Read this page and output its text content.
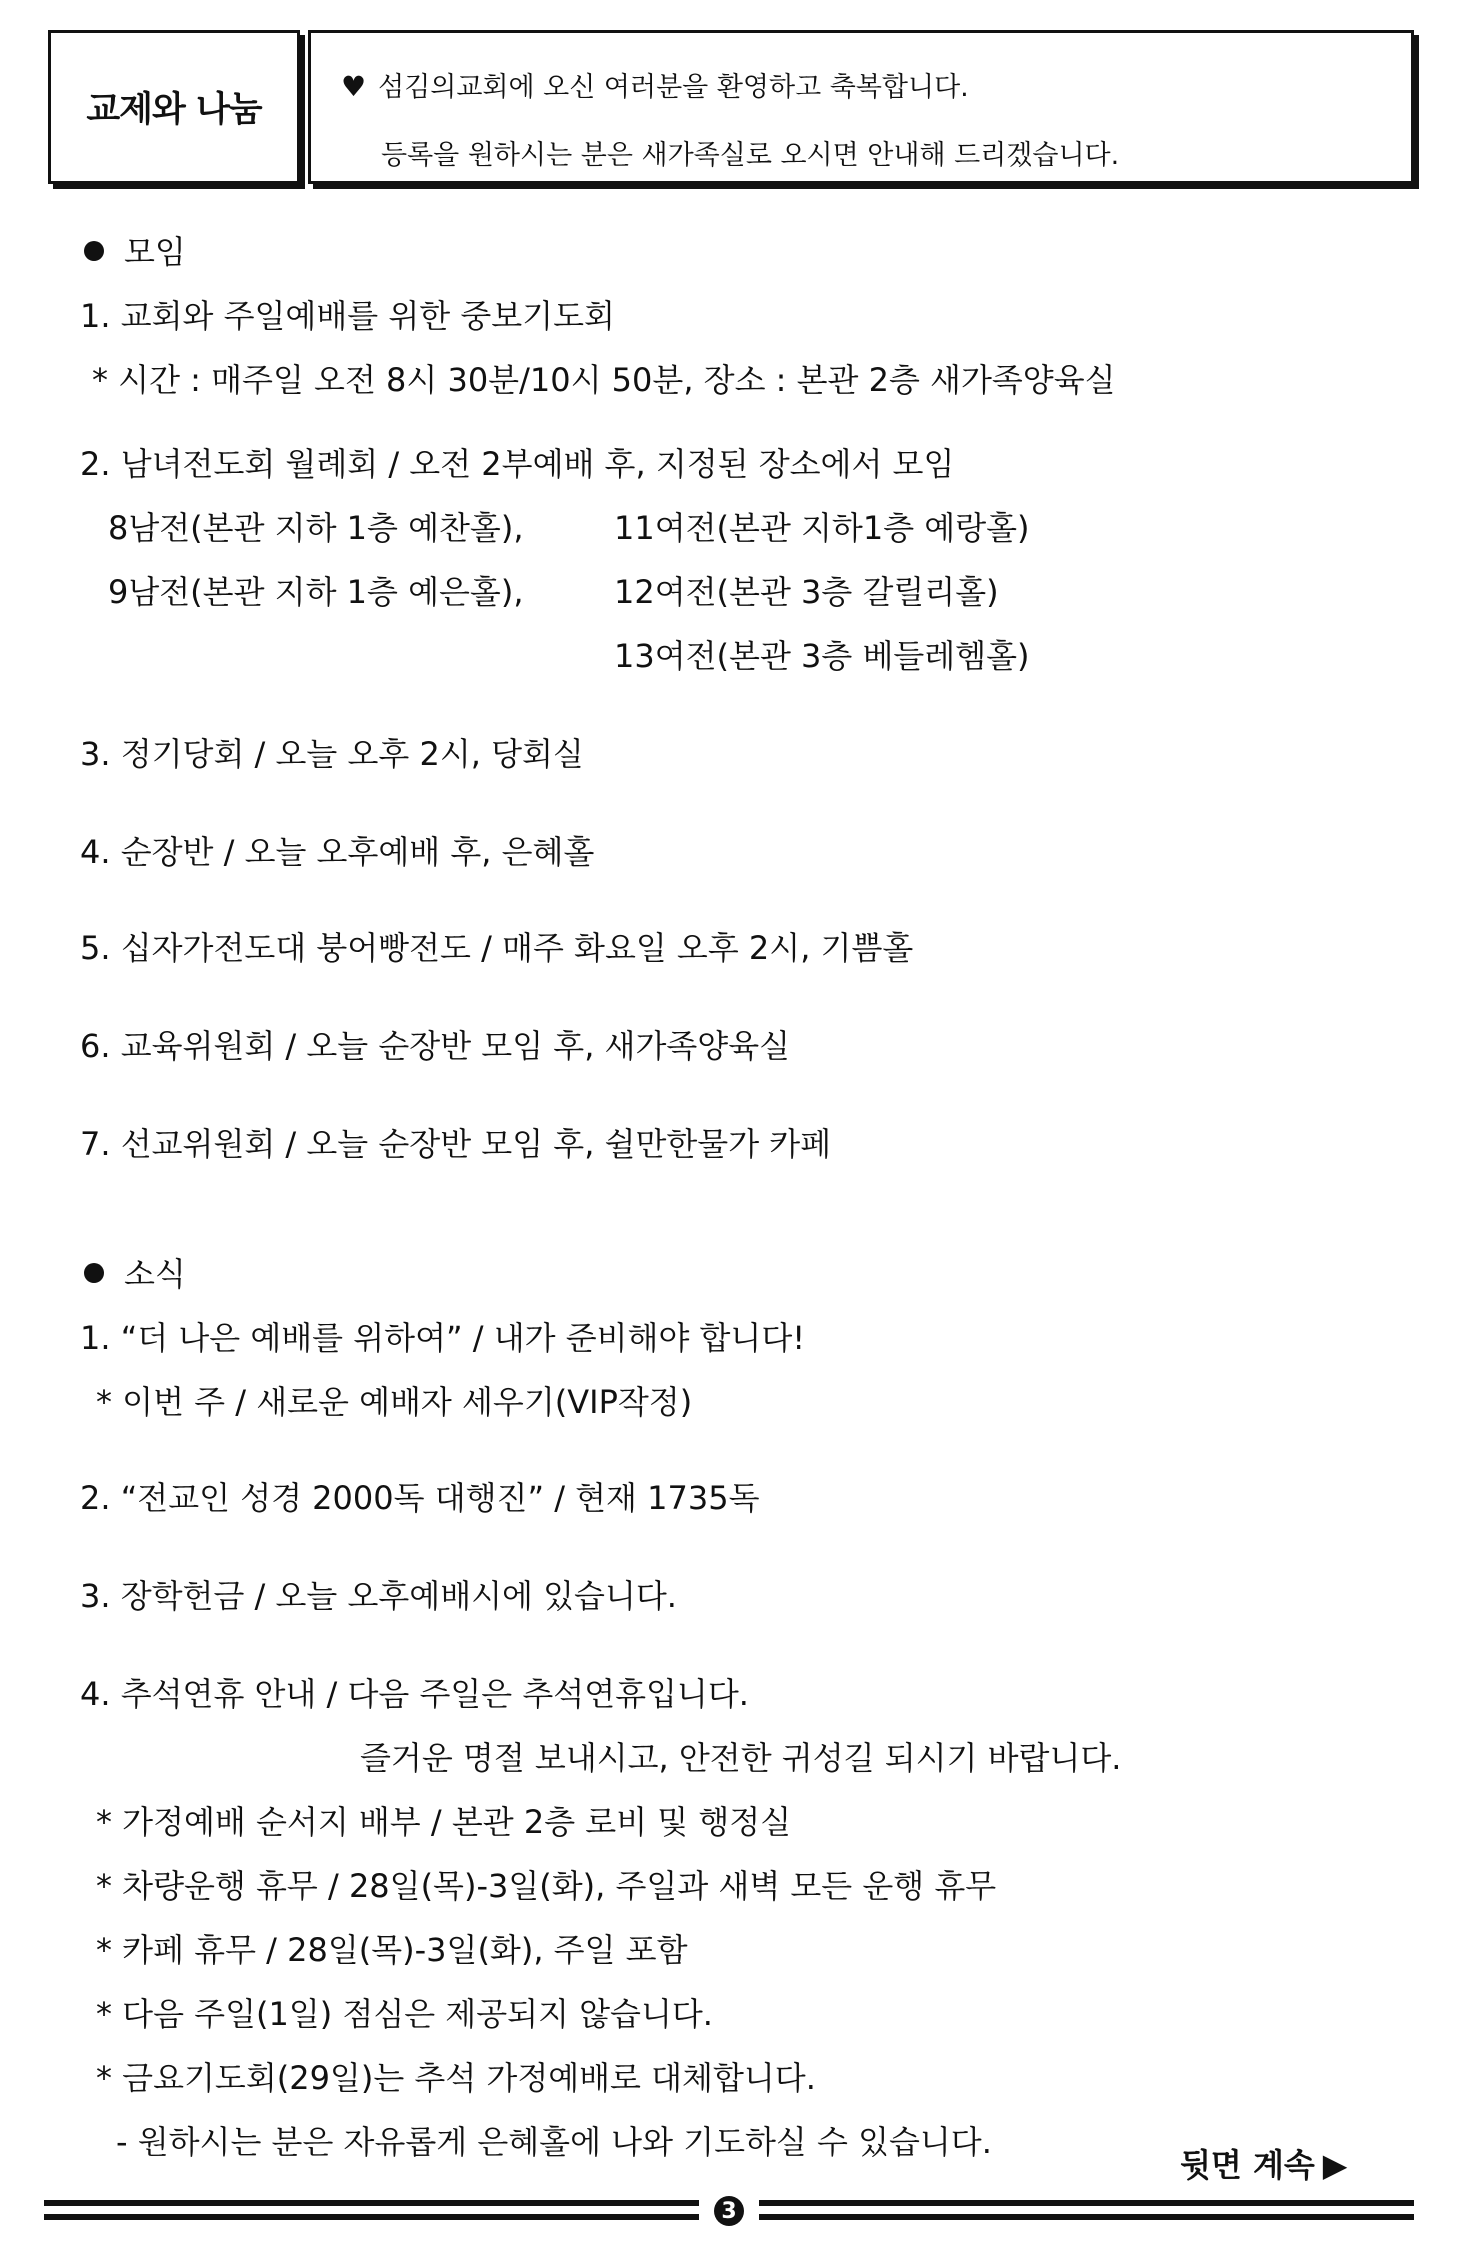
교제와 나눔
♥ 섬김의교회에 오신 여러분을 환영하고 축복합니다.
등록을 원하시는 분은 새가족실로 오시면 안내해 드리겠습니다.
모임
1. 교회와 주일예배를 위한 중보기도회
* 시간 : 매주일 오전 8시 30분/10시 50분, 장소 : 본관 2층 새가족양육실
2. 남녀전도회 월례회 / 오전 2부예배 후, 지정된 장소에서 모임
8남전(본관 지하 1층 예찬홀),	11여전(본관 지하1층 예랑홀)
9남전(본관 지하 1층 예은홀),	12여전(본관 3층 갈릴리홀)
13여전(본관 3층 베들레헴홀)
3. 정기당회 / 오늘 오후 2시, 당회실
4. 순장반 / 오늘 오후예배 후, 은혜홀
5. 십자가전도대 붕어빵전도 / 매주 화요일 오후 2시, 기쁨홀
6. 교육위원회 / 오늘 순장반 모임 후, 새가족양육실
7. 선교위원회 / 오늘 순장반 모임 후, 쉴만한물가 카페
소식
1. “더 나은 예배를 위하여” / 내가 준비해야 합니다!
* 이번 주 / 새로운 예배자 세우기(VIP작정)
2. “전교인 성경 2000독 대행진” / 현재 1735독
3. 장학헌금 / 오늘 오후예배시에 있습니다.
4. 추석연휴 안내 / 다음 주일은 추석연휴입니다.
즐거운 명절 보내시고, 안전한 귀성길 되시기 바랍니다.
* 가정예배 순서지 배부 / 본관 2층 로비 및 행정실
* 차량운행 휴무 / 28일(목)-3일(화), 주일과 새벽 모든 운행 휴무
* 카페 휴무 / 28일(목)-3일(화), 주일 포함
* 다음 주일(1일) 점심은 제공되지 않습니다.
* 금요기도회(29일)는 추석 가정예배로 대체합니다.
- 원하시는 분은 자유롭게 은혜홀에 나와 기도하실 수 있습니다.
뒷면 계속 ▶
3
